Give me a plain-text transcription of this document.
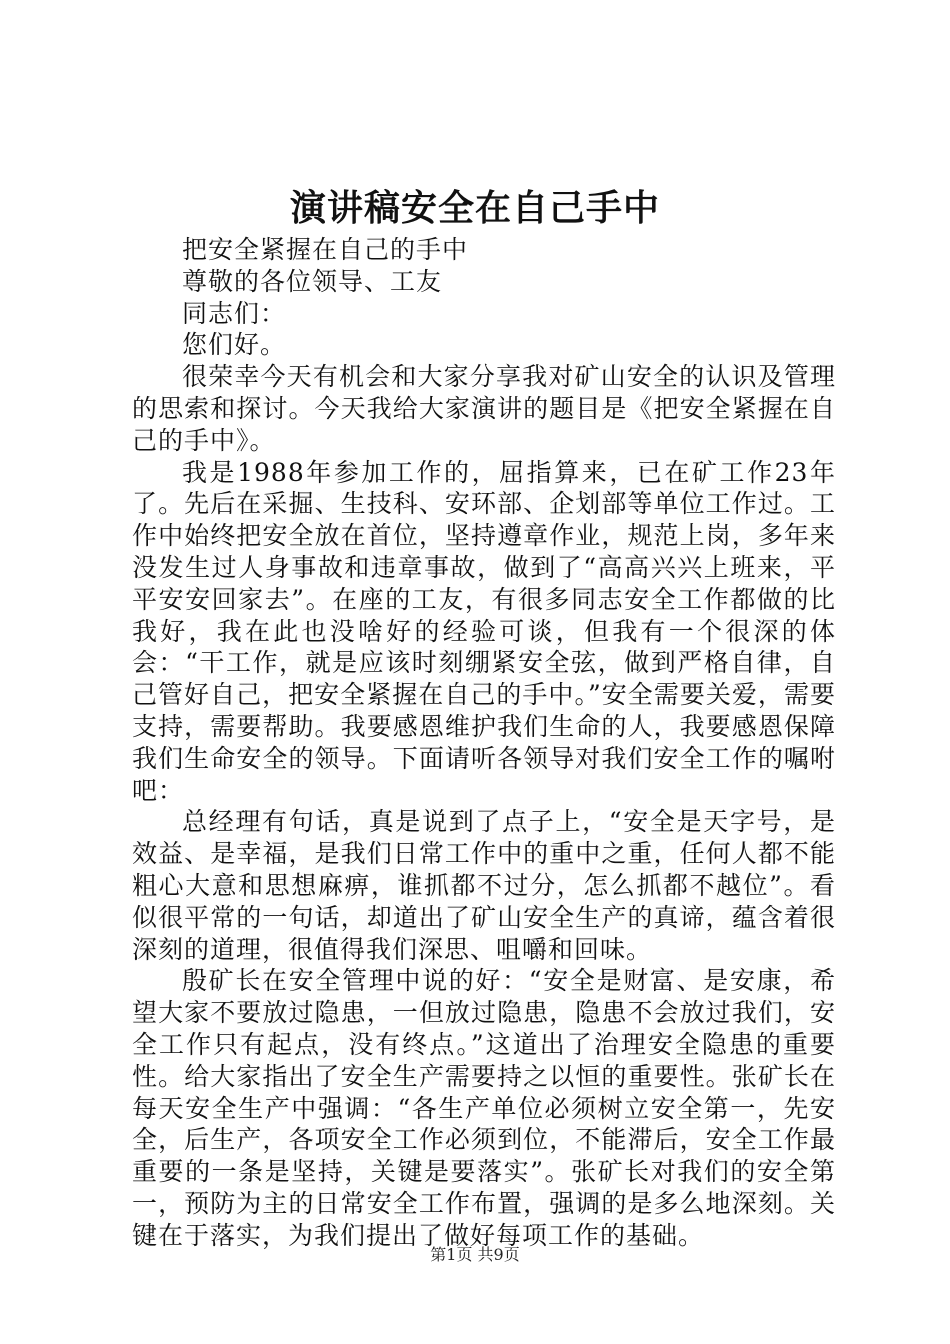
演讲稿安全在自己手中

把安全紧握在自己的手中

尊敬的各位领导、工友

同志们：

您们好。

很荣幸今天有机会和大家分享我对矿山安全的认识及管理的思索和探讨。今天我给大家演讲的题目是《把安全紧握在自己的手中》。

我是1988年参加工作的，屈指算来，已在矿工作23年了。先后在采掘、生技科、安环部、企划部等单位工作过。工作中始终把安全放在首位，坚持遵章作业，规范上岗，多年来没发生过人身事故和违章事故，做到了“高高兴兴上班来，平平安安回家去”。在座的工友，有很多同志安全工作都做的比我好，我在此也没啥好的经验可谈，但我有一个很深的体会：“干工作，就是应该时刻绷紧安全弦，做到严格自律，自己管好自己，把安全紧握在自己的手中。”安全需要关爱，需要支持，需要帮助。我要感恩维护我们生命的人，我要感恩保障我们生命安全的领导。下面请听各领导对我们安全工作的嘱咐吧：

总经理有句话，真是说到了点子上，“安全是天字号，是效益、是幸福，是我们日常工作中的重中之重，任何人都不能粗心大意和思想麻痹，谁抓都不过分，怎么抓都不越位”。看似很平常的一句话，却道出了矿山安全生产的真谛，蕴含着很深刻的道理，很值得我们深思、咀嚼和回味。

殷矿长在安全管理中说的好：“安全是财富、是安康，希望大家不要放过隐患，一但放过隐患，隐患不会放过我们，安全工作只有起点，没有终点。”这道出了治理安全隐患的重要性。给大家指出了安全生产需要持之以恒的重要性。张矿长在每天安全生产中强调：“各生产单位必须树立安全第一，先安全，后生产，各项安全工作必须到位，不能滞后，安全工作最重要的一条是坚持，关键是要落实”。张矿长对我们的安全第一，预防为主的日常安全工作布置，强调的是多么地深刻。关键在于落实，为我们提出了做好每项工作的基础。

第1页 共9页
